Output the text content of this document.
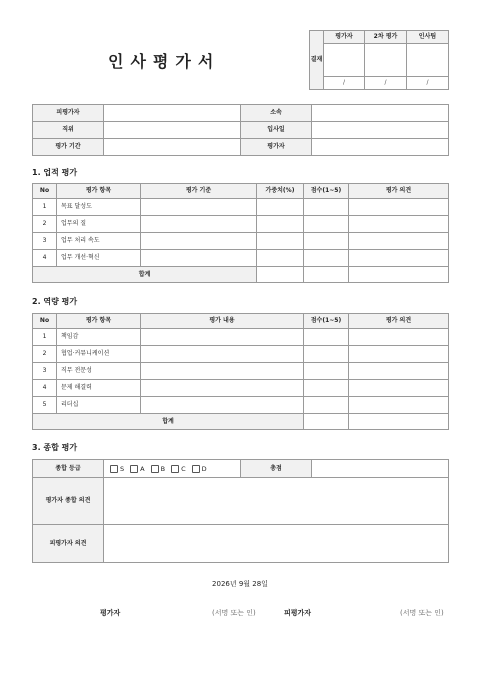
인사평가서	결재	평가자	2차 평가	인사팀

	/	/	/
피평가자		소속	
직위		입사일	
평가 기간		평가자	
1. 업적 평가
No	평가 항목	평가 기준	가중치(%)	점수(1~5)	평가 의견
1	목표 달성도				
2	업무의 질				
3	업무 처리 속도				
4	업무 개선·혁신				
합계					
2. 역량 평가
No	평가 항목	평가 내용	점수(1~5)	평가 의견
1	책임감			
2	협업·커뮤니케이션			
3	직무 전문성			
4	문제 해결력			
5	리더십			
합계				
3. 종합 평가
종합 등급	S A B C D	총점	
평가자 종합 의견			
피평가자 의견			
2026년 9월 28일
평가자	(서명 또는 인)	피평가자	(서명 또는 인)
